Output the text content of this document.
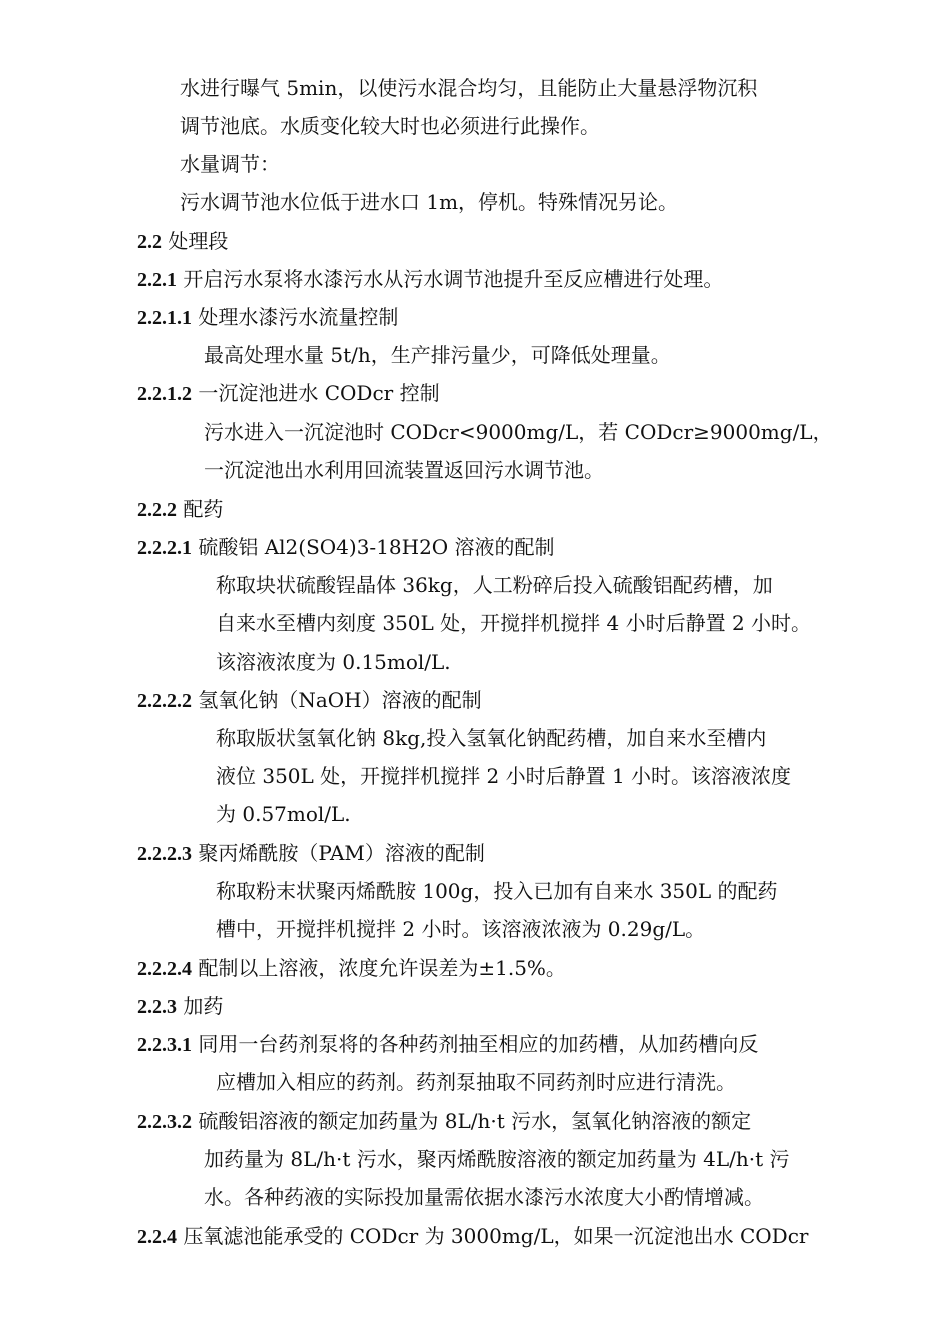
水进行曝气 5min，以使污水混合均匀，且能防止大量悬浮物沉积
调节池底。水质变化较大时也必须进行此操作。
水量调节：
污水调节池水位低于进水口 1m，停机。特殊情况另论。
2.2 处理段
2.2.1 开启污水泵将水漆污水从污水调节池提升至反应槽进行处理。
2.2.1.1 处理水漆污水流量控制
最高处理水量 5t/h，生产排污量少，可降低处理量。
2.2.1.2 一沉淀池进水 CODcr 控制
污水进入一沉淀池时 CODcr<9000mg/L，若 CODcr≥9000mg/L，
一沉淀池出水利用回流装置返回污水调节池。
2.2.2 配药
2.2.2.1 硫酸铝 Al2(SO4)3-18H2O 溶液的配制
称取块状硫酸锃晶体 36kg，人工粉碎后投入硫酸铝配药槽，加
自来水至槽内刻度 350L 处，开搅拌机搅拌 4 小时后静置 2 小时。
该溶液浓度为 0.15mol/L.
2.2.2.2 氢氧化钠（NaOH）溶液的配制
称取版状氢氧化钠 8kg,投入氢氧化钠配药槽，加自来水至槽内
液位 350L 处，开搅拌机搅拌 2 小时后静置 1 小时。该溶液浓度
为 0.57mol/L.
2.2.2.3 聚丙烯酰胺（PAM）溶液的配制
称取粉末状聚丙烯酰胺 100g，投入已加有自来水 350L 的配药
槽中，开搅拌机搅拌 2 小时。该溶液浓液为 0.29g/L。
2.2.2.4 配制以上溶液，浓度允许误差为±1.5%。
2.2.3 加药
2.2.3.1 同用一台药剂泵将的各种药剂抽至相应的加药槽，从加药槽向反
应槽加入相应的药剂。药剂泵抽取不同药剂时应进行清洗。
2.2.3.2 硫酸铝溶液的额定加药量为 8L/h·t 污水，氢氧化钠溶液的额定
加药量为 8L/h·t 污水，聚丙烯酰胺溶液的额定加药量为 4L/h·t 污
水。各种药液的实际投加量需依据水漆污水浓度大小酌情增减。
2.2.4 压氧滤池能承受的 CODcr 为 3000mg/L，如果一沉淀池出水 CODcr
